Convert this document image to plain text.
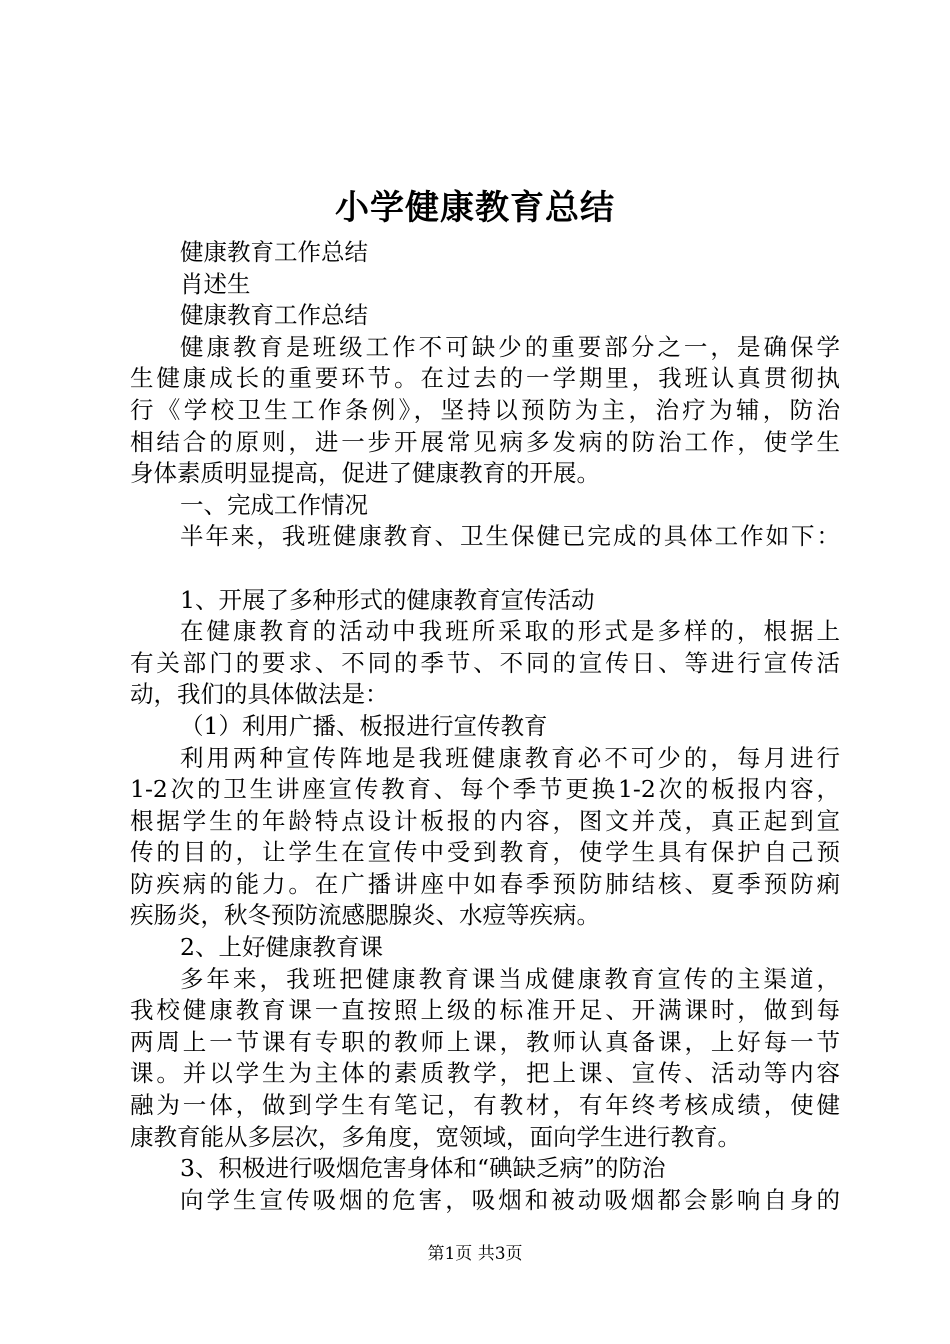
小学健康教育总结
健康教育工作总结
肖述生
健康教育工作总结
健康教育是班级工作不可缺少的重要部分之一，是确保学
生健康成长的重要环节。在过去的一学期里，我班认真贯彻执
行《学校卫生工作条例》，坚持以预防为主，治疗为辅，防治
相结合的原则，进一步开展常见病多发病的防治工作，使学生
身体素质明显提高，促进了健康教育的开展。
一、完成工作情况
半年来，我班健康教育、卫生保健已完成的具体工作如下：
1、开展了多种形式的健康教育宣传活动
在健康教育的活动中我班所采取的形式是多样的，根据上
有关部门的要求、不同的季节、不同的宣传日、等进行宣传活
动，我们的具体做法是：
（1）利用广播、板报进行宣传教育
利用两种宣传阵地是我班健康教育必不可少的，每月进行
1-2次的卫生讲座宣传教育、每个季节更换1-2次的板报内容，
根据学生的年龄特点设计板报的内容，图文并茂，真正起到宣
传的目的，让学生在宣传中受到教育，使学生具有保护自己预
防疾病的能力。在广播讲座中如春季预防肺结核、夏季预防痢
疾肠炎，秋冬预防流感腮腺炎、水痘等疾病。
2、上好健康教育课
多年来，我班把健康教育课当成健康教育宣传的主渠道，
我校健康教育课一直按照上级的标准开足、开满课时，做到每
两周上一节课有专职的教师上课，教师认真备课，上好每一节
课。并以学生为主体的素质教学，把上课、宣传、活动等内容
融为一体，做到学生有笔记，有教材，有年终考核成绩，使健
康教育能从多层次，多角度，宽领域，面向学生进行教育。
3、积极进行吸烟危害身体和“碘缺乏病”的防治
向学生宣传吸烟的危害，吸烟和被动吸烟都会影响自身的
第1页 共3页
